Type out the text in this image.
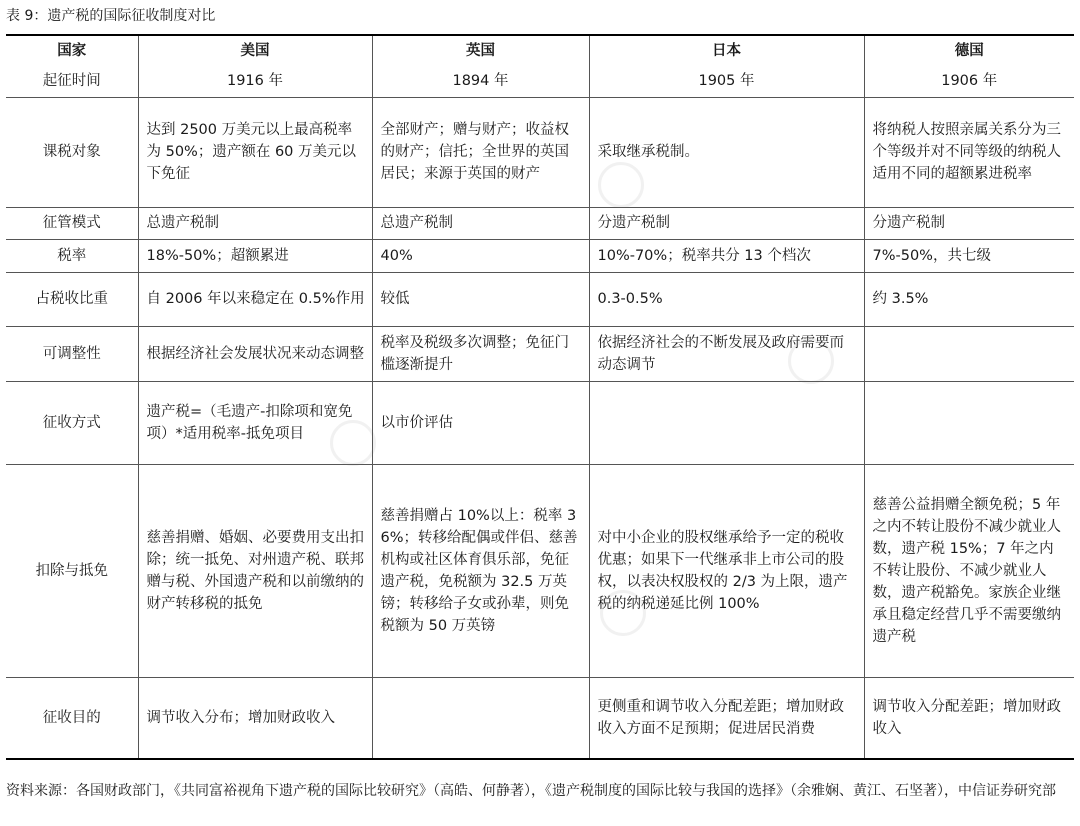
表 9：遗产税的国际征收制度对比
国家	美国	英国	日本	德国
起征时间	1916 年	1894 年	1905 年	1906 年
课税对象	达到 2500 万美元以上最高税率为 50%；遗产额在 60 万美元以下免征	全部财产；赠与财产；收益权的财产；信托；全世界的英国居民；来源于英国的财产	采取继承税制。	将纳税人按照亲属关系分为三个等级并对不同等级的纳税人适用不同的超额累进税率
征管模式	总遗产税制	总遗产税制	分遗产税制	分遗产税制
税率	18%-50%；超额累进	40%	10%-70%；税率共分 13 个档次	7%-50%，共七级
占税收比重	自 2006 年以来稳定在 0.5%作用	较低	0.3-0.5%	约 3.5%
可调整性	根据经济社会发展状况来动态调整	税率及税级多次调整；免征门槛逐渐提升	依据经济社会的不断发展及政府需要而动态调节	
征收方式	遗产税=（毛遗产-扣除项和宽免项）*适用税率-抵免项目	以市价评估		
扣除与抵免	慈善捐赠、婚姻、必要费用支出扣除；统一抵免、对州遗产税、联邦赠与税、外国遗产税和以前缴纳的财产转移税的抵免	慈善捐赠占 10%以上：税率 36%；转移给配偶或伴侣、慈善机构或社区体育俱乐部，免征遗产税，免税额为 32.5 万英镑；转移给子女或孙辈，则免税额为 50 万英镑	对中小企业的股权继承给予一定的税收优惠；如果下一代继承非上市公司的股权，以表决权股权的 2/3 为上限，遗产税的纳税递延比例 100%	慈善公益捐赠全额免税；5 年之内不转让股份不减少就业人数，遗产税 15%；7 年之内不转让股份、不减少就业人数，遗产税豁免。家族企业继承且稳定经营几乎不需要缴纳遗产税
征收目的	调节收入分布；增加财政收入		更侧重和调节收入分配差距；增加财政收入方面不足预期；促进居民消费	调节收入分配差距；增加财政收入
资料来源：各国财政部门，《共同富裕视角下遗产税的国际比较研究》（高皓、何静著），《遗产税制度的国际比较与我国的选择》（余雅娴、黄江、石坚著），中信证券研究部
